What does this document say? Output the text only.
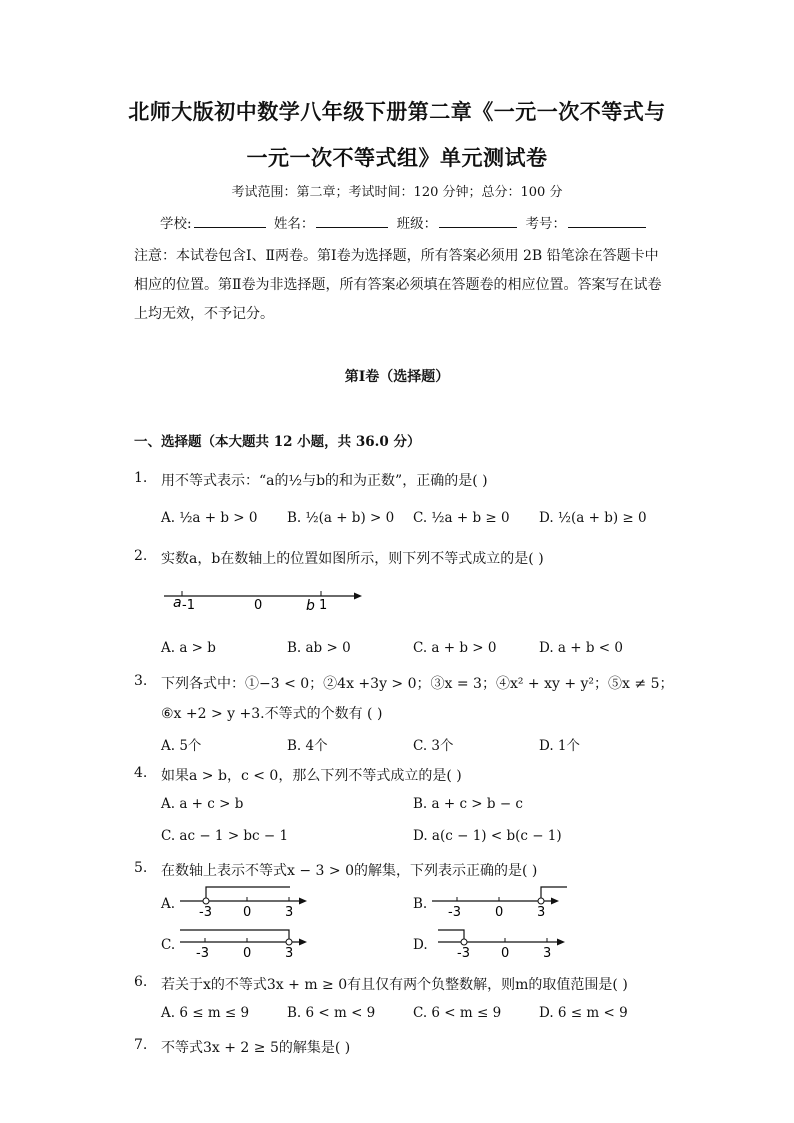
北师大版初中数学八年级下册第二章《一元一次不等式与
一元一次不等式组》单元测试卷
考试范围：第二章；考试时间：120 分钟；总分：100 分
学校:	姓名：	班级：	考号：
注意：本试卷包含Ⅰ、Ⅱ两卷。第Ⅰ卷为选择题，所有答案必须用 2B 铅笔涂在答题卡中相应的位置。第Ⅱ卷为非选择题，所有答案必须填在答题卷的相应位置。答案写在试卷上均无效，不予记分。
第Ⅰ卷（选择题）
一、选择题（本大题共 12 小题，共 36.0 分）
1. 用不等式表示：“a的½与b的和为正数”，正确的是( )
A. ½a + b > 0 B. ½(a + b) > 0 C. ½a + b ≥ 0 D. ½(a + b) ≥ 0
2. 实数a，b在数轴上的位置如图所示，则下列不等式成立的是( )
a -1	0	b 1
A. a > b	B. ab > 0	C. a + b > 0	D. a + b < 0
3. 下列各式中：①−3 < 0；②4x +3y > 0；③x = 3；④x² + xy + y²；⑤x ≠ 5；
⑥x +2 > y +3.不等式的个数有 ( )
A. 5个	B. 4个	C. 3个	D. 1个
4. 如果a > b，c < 0，那么下列不等式成立的是( )
A. a + c > b	B. a + c > b − c
C. ac − 1 > bc − 1	D. a(c − 1) < b(c − 1)
5. 在数轴上表示不等式x − 3 > 0的解集，下列表示正确的是( )
A.
-3 0	3
B.
-3	0	3
C.
-3	0	3
D.
-3 0	3
6. 若关于x的不等式3x + m ≥ 0有且仅有两个负整数解，则m的取值范围是( )
A. 6 ≤ m ≤ 9	B. 6 < m < 9	C. 6 < m ≤ 9	D. 6 ≤ m < 9
7. 不等式3x + 2 ≥ 5的解集是( )
